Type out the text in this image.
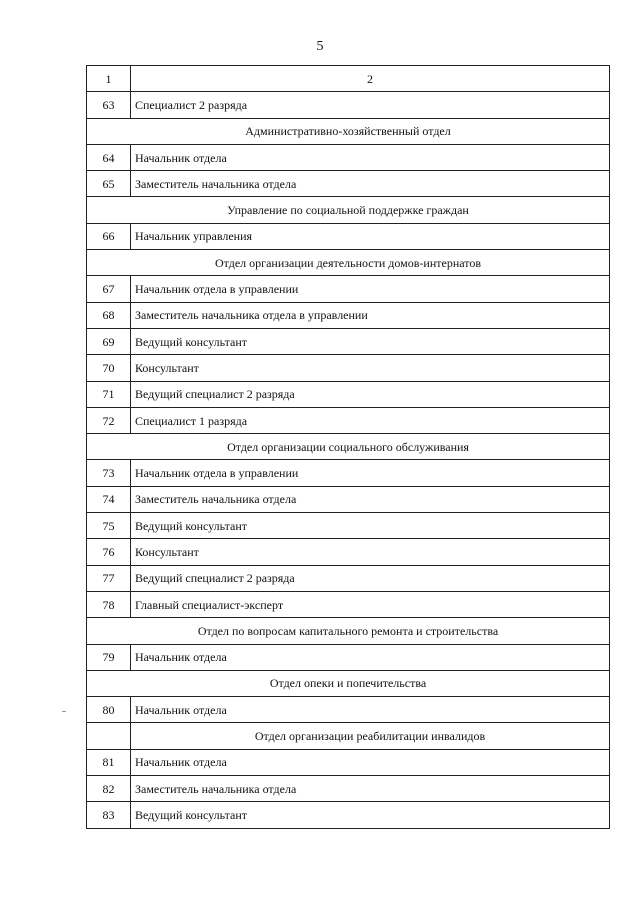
5
1	2
63	Специалист 2 разряда
Административно-хозяйственный отдел	
64	Начальник отдела
65	Заместитель начальника отдела
Управление по социальной поддержке граждан	
66	Начальник управления
Отдел организации деятельности домов-интернатов	
67	Начальник отдела в управлении
68	Заместитель начальника отдела в управлении
69	Ведущий консультант
70	Консультант
71	Ведущий специалист 2 разряда
72	Специалист 1 разряда
Отдел организации социального обслуживания	
73	Начальник отдела в управлении
74	Заместитель начальника отдела
75	Ведущий консультант
76	Консультант
77	Ведущий специалист 2 разряда
78	Главный специалист-эксперт
Отдел по вопросам капитального ремонта и строительства	
79	Начальник отдела
Отдел опеки и попечительства	
80	Начальник отдела
	Отдел организации реабилитации инвалидов
81	Начальник отдела
82	Заместитель начальника отдела
83	Ведущий консультант
